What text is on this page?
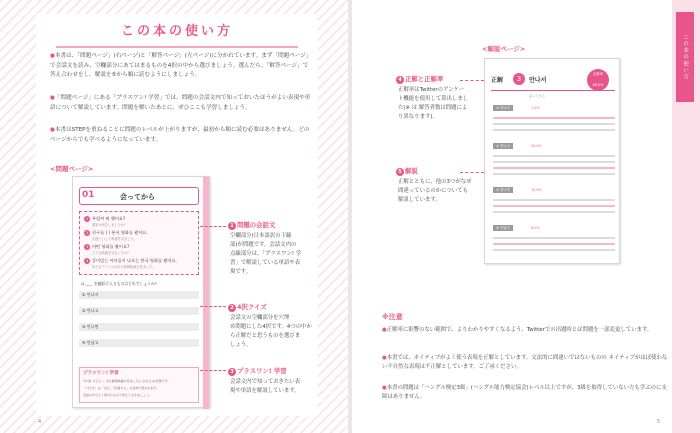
この本の使い方
●本書は、「問題ページ」(右ページ)と「解答ページ」(左ページ)に分かれています。まず「問題ページ」で会話文を読み、空欄部分にあてはまるものを4択の中から選びましょう。選んだら、「解答ページ」で答え合わせをし、解説を⑤から順に読むようにしましょう。
●「問題ページ」にある「プラスワン! 学習」では、問題の会話文内で知っておいたほうがよい表現や単語について解説しています。問題を解いたあとに、ぜひここも学習しましょう。
●本書はSTEPを重ねることに問題のレベルが上がりますが、最初から順に読む必要はありません。どのページからでも学べるようになっています。
<問題ページ>
01	会ってから
1 우림씨 뭐 했어요?
週末は何をしましたか?
2 친구를 ( ) 본서 영화를 봤어요.
友達と( )して映画を見ました。
3 어떤 영화를 봤어요?
どんな映画を見ましたか?
4 증미있는 아이돌이 나오는 한국 영화를 봤어요.
好きなアイドルが出る韓国映画を見ました。
Q.____ を翻訳に入るものはどれでしょうか?
① 만나서
② 만나고
③ 만나면
④ 만났고
プラスワン! 学習
아이돌 나오는 ~ 出る韓国映画を見ました(~が出る)の表現です。
「나오다」は「出る」「出演する」の意味で使われます。
会話の中でよく使われるので覚えておきましょう。
1 問題の会話文
空欄部分(日本語訳の下線
部)が問題です。会話文内の
点線部分は、「プラスワン! 学
習」で解説している単語や表
現です。
2 4択クイズ
会話文の空欄部分を穴埋
め問題にした4択です。4つの中か
ら正解だと思うものを選びま
しょう。
3 プラスワン! 学習
会話文内で知っておきたい表
現や単語を解説しています。
4
この本の使い方
<解説ページ>
正解	3	만나서
正解率 68.0%
会ってから
① 만나서	1.0%
② 만나고	20.0%
③ 만나면	15.0%
④ 만났고	8.0%
4 正解と正解率
正解率はTwitterのアンケー
ト機能を使用して算出しまし
た(※ は 解答者数は問題によ
り異なります)。
5 解説
正解とともに、他の3つがなぜ
間違っているのかについても
解説しています。
※注意
●正解率に影響のない範囲で、よりわかりやすくなるよう、Twitterでの出題時とは問題を一部変更しています。
●本書では、ネイティブがよく使う表現を正解としています。文法的に間違いではないものの ネイティブがほぼ使わない不自然な表現は不正解としています。ご了承ください。
●本書の問題は「ハングル検定3級」(ハングル能力検定協会)レベル以上ですが、3級を取得していない方も学ぶのに支障はありません。
5
